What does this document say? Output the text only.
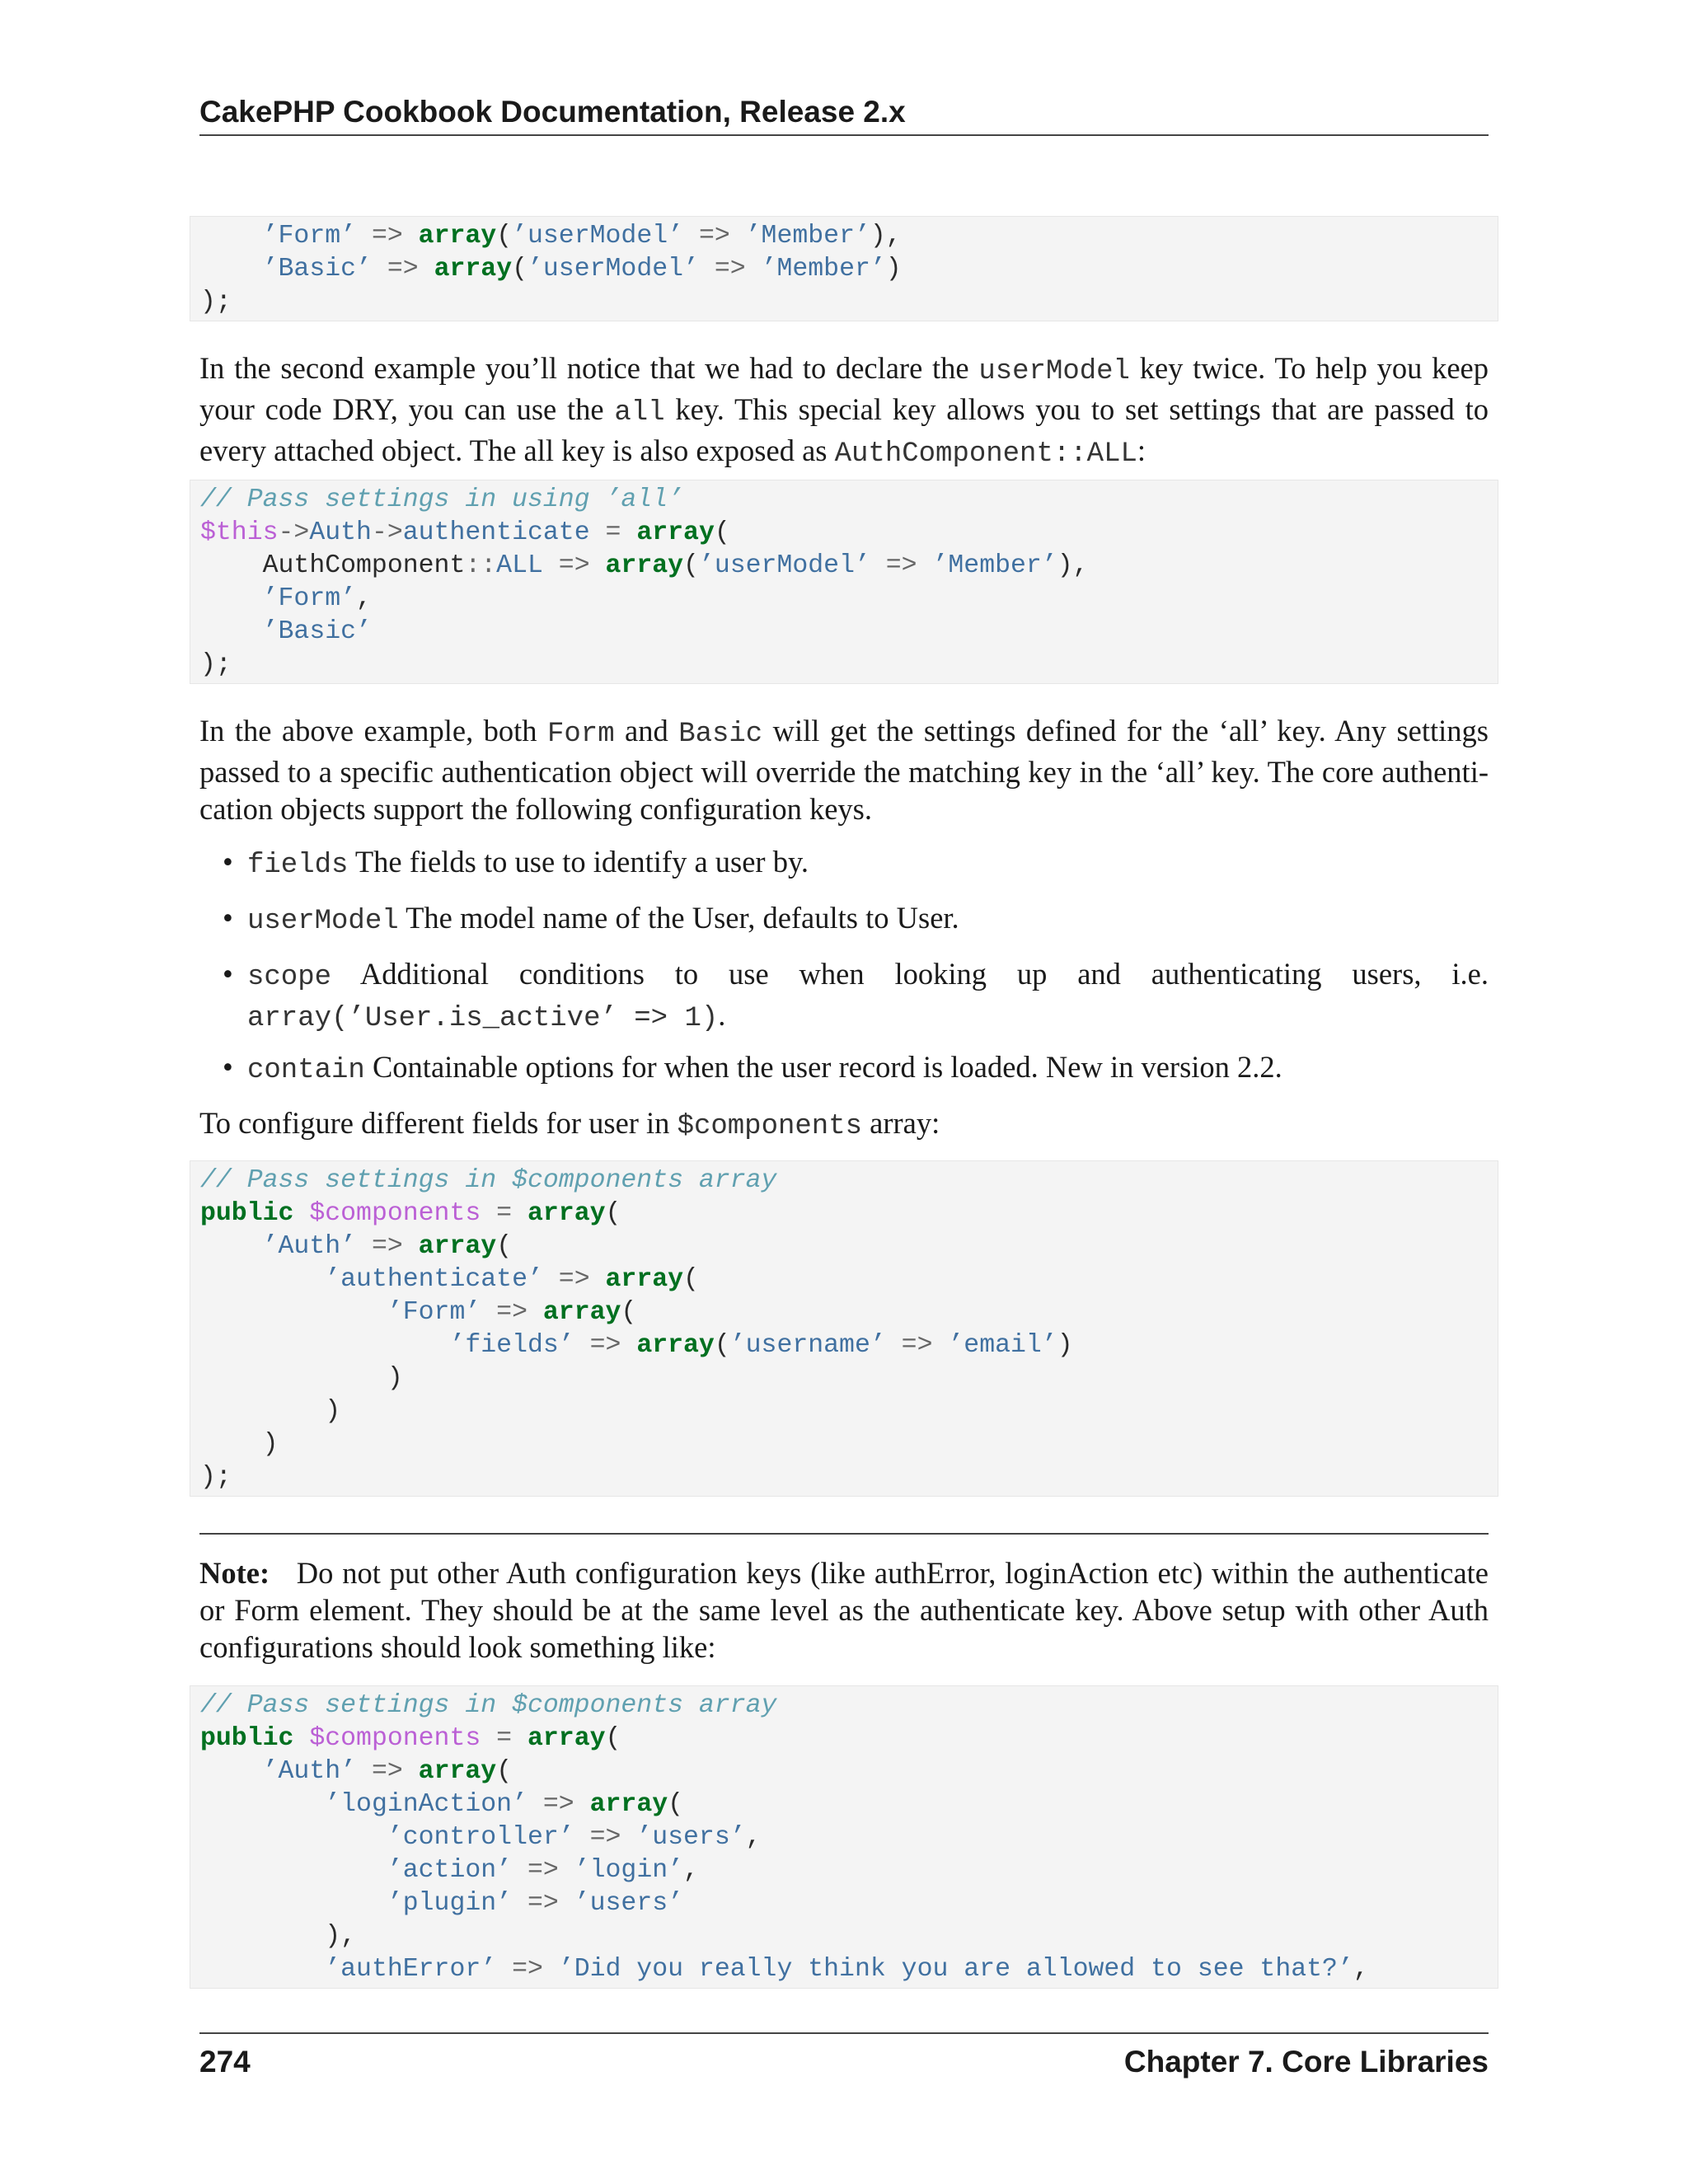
CakePHP Cookbook Documentation, Release 2.x
’Form’ => array(’userModel’ => ’Member’),
’Basic’ => array(’userModel’ => ’Member’)
);
In the second example you’ll notice that we had to declare the userModel key twice. To help you keep your code DRY, you can use the all key. This special key allows you to set settings that are passed to every attached object. The all key is also exposed as AuthComponent::ALL:
// Pass settings in using ’all’
$this->Auth->authenticate = array(
AuthComponent::ALL => array(’userModel’ => ’Member’),
’Form’,
’Basic’
);
In the above example, both Form and Basic will get the settings defined for the ‘all’ key. Any settings passed to a specific authentication object will override the matching key in the ‘all’ key. The core authenti-cation objects support the following configuration keys.
• fields The fields to use to identify a user by.
• userModel The model name of the User, defaults to User.
• scope Additional conditions to use when looking up and authenticating users, i.e. array(’User.is_active’ => 1).
• contain Containable options for when the user record is loaded. New in version 2.2.
To configure different fields for user in $components array:
// Pass settings in $components array
public $components = array(
’Auth’ => array(
’authenticate’ => array(
’Form’ => array(
’fields’ => array(’username’ => ’email’)
)
)
)
);
Note: Do not put other Auth configuration keys (like authError, loginAction etc) within the authenticate or Form element. They should be at the same level as the authenticate key. Above setup with other Auth configurations should look something like:
// Pass settings in $components array
public $components = array(
’Auth’ => array(
’loginAction’ => array(
’controller’ => ’users’,
’action’ => ’login’,
’plugin’ => ’users’
),
’authError’ => ’Did you really think you are allowed to see that?’,
274	Chapter 7. Core Libraries
